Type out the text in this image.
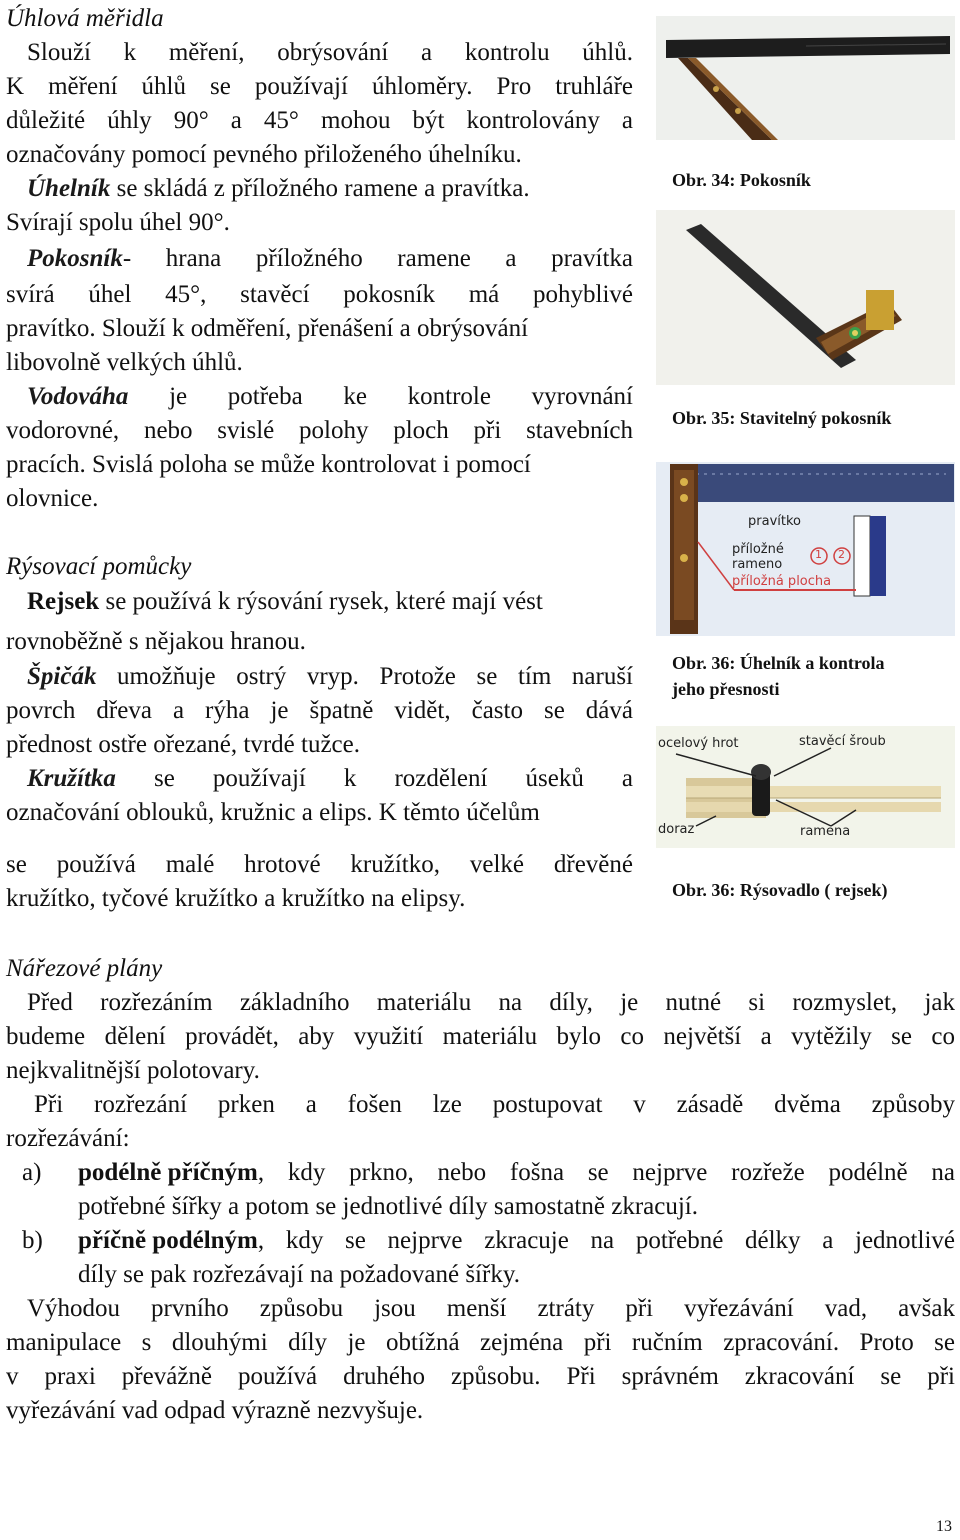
Úhlová měřidla
Slouží k měření, obrýsování a kontrolu úhlů.
K měření úhlů se používají úhloměry. Pro truhláře
důležité úhly 90° a 45° mohou být kontrolovány a
označovány pomocí pevného přiloženého úhelníku.
Úhelník se skládá z příložného ramene a pravítka.
Svírají spolu úhel 90°.
Pokosník - hrana příložného ramene a pravítka
svírá úhel 45°, stavěcí pokosník má pohyblivé
pravítko. Slouží k odměření, přenášení a obrýsování
libovolně velkých úhlů.
Vodováha je potřeba ke kontrole vyrovnání
vodorovné, nebo svislé polohy ploch při stavebních
pracích. Svislá poloha se může kontrolovat i pomocí
olovnice.
Rýsovací pomůcky
Rejsek se používá k rýsování rysek, které mají vést
rovnoběžně s nějakou hranou.
Špičák umožňuje ostrý vryp. Protože se tím naruší
povrch dřeva a rýha je špatně vidět, často se dává
přednost ostře ořezané, tvrdé tužce.
Kružítka se používají k rozdělení úseků a
označování oblouků, kružnic a elips. K těmto účelům
se používá malé hrotové kružítko, velké dřevěné
kružítko, tyčové kružítko a kružítko na elipsy.
Obr. 34: Pokosník
Obr. 35: Stavitelný pokosník
pravítko
příložné
rameno
příložná plocha
1 2
Obr. 36: Úhelník a kontrola
jeho přesnosti
ocelový hrot	stavěcí šroub
doraz	ramena
Obr. 36: Rýsovadlo ( rejsek)
Nářezové plány
Před rozřezáním základního materiálu na díly, je nutné si rozmyslet, jak
budeme dělení provádět, aby využití materiálu bylo co největší a vytěžily se co
nejkvalitnější polotovary.
Při rozřezání prken a fošen lze postupovat v zásadě dvěma způsoby
rozřezávání:
a) podélně příčným , kdy prkno, nebo fošna se nejprve rozřeže podélně na
potřebné šířky a potom se jednotlivé díly samostatně zkracují.
b) příčně podélným , kdy se nejprve zkracuje na potřebné délky a jednotlivé
díly se pak rozřezávají na požadované šířky.
Výhodou prvního způsobu jsou menší ztráty při vyřezávání vad, avšak
manipulace s dlouhými díly je obtížná zejména při ručním zpracování. Proto se
v praxi převážně používá druhého způsobu. Při správném zkracování se při
vyřezávání vad odpad výrazně nezvyšuje.
13
